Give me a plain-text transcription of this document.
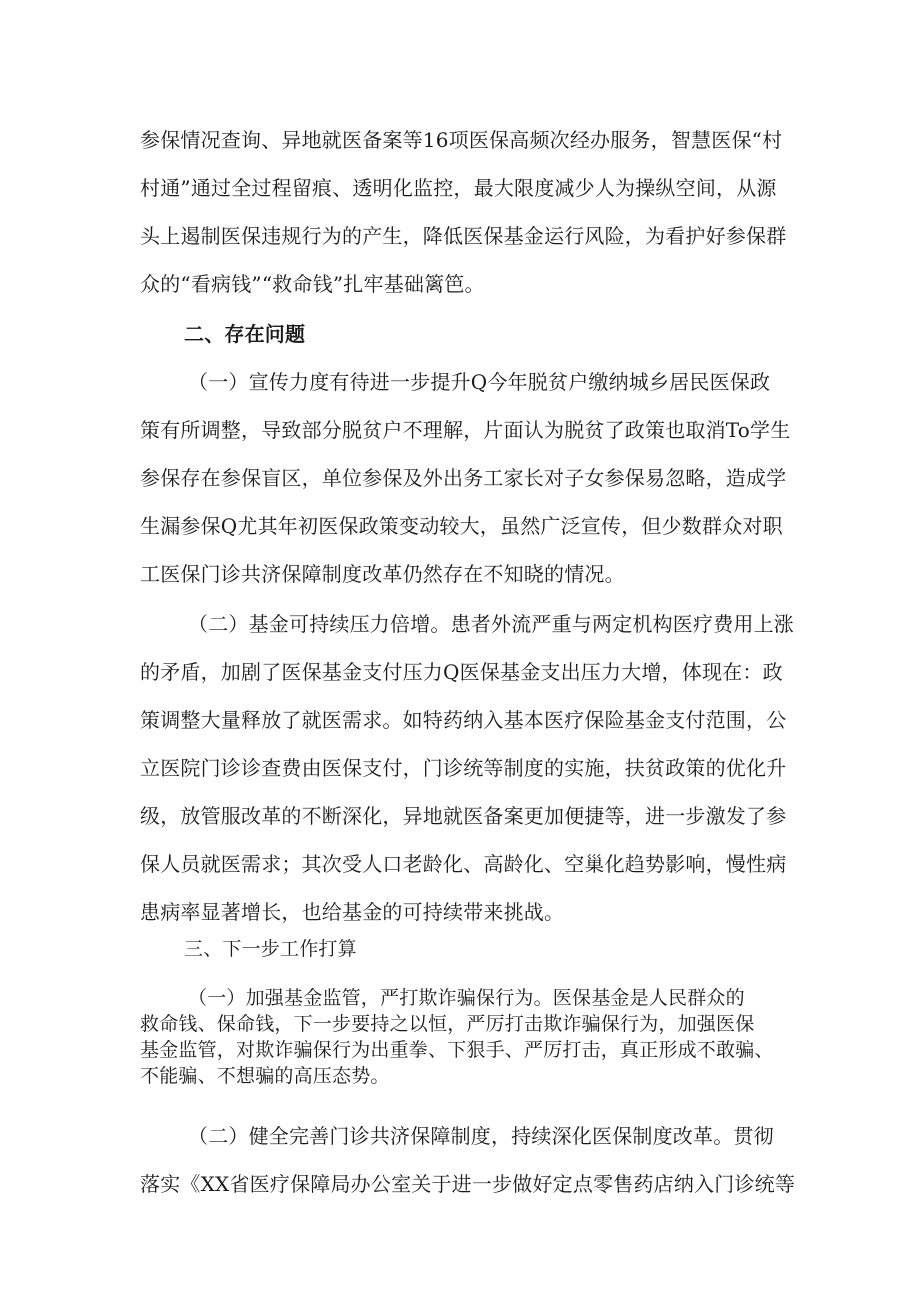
参保情况查询、异地就医备案等16项医保高频次经办服务，智慧医保“村
村通”通过全过程留痕、透明化监控，最大限度减少人为操纵空间，从源
头上遏制医保违规行为的产生，降低医保基金运行风险，为看护好参保群
众的“看病钱”“救命钱”扎牢基础篱笆。
二、存在问题
（一）宣传力度有待进一步提升Q今年脱贫户缴纳城乡居民医保政
策有所调整，导致部分脱贫户不理解，片面认为脱贫了政策也取消To学生
参保存在参保盲区，单位参保及外出务工家长对子女参保易忽略，造成学
生漏参保Q尤其年初医保政策变动较大，虽然广泛宣传，但少数群众对职
工医保门诊共济保障制度改革仍然存在不知晓的情况。
（二）基金可持续压力倍增。患者外流严重与两定机构医疗费用上涨
的矛盾，加剧了医保基金支付压力Q医保基金支出压力大增，体现在：政
策调整大量释放了就医需求。如特药纳入基本医疗保险基金支付范围，公
立医院门诊诊查费由医保支付，门诊统等制度的实施，扶贫政策的优化升
级，放管服改革的不断深化，异地就医备案更加便捷等，进一步激发了参
保人员就医需求；其次受人口老龄化、高龄化、空巢化趋势影响，慢性病
患病率显著增长，也给基金的可持续带来挑战。
三、下一步工作打算
（一）加强基金监管，严打欺诈骗保行为。医保基金是人民群众的
救命钱、保命钱，下一步要持之以恒，严厉打击欺诈骗保行为，加强医保
基金监管，对欺诈骗保行为出重拳、下狠手、严厉打击，真正形成不敢骗、
不能骗、不想骗的高压态势。
（二）健全完善门诊共济保障制度，持续深化医保制度改革。贯彻
落实《XX省医疗保障局办公室关于进一步做好定点零售药店纳入门诊统等
